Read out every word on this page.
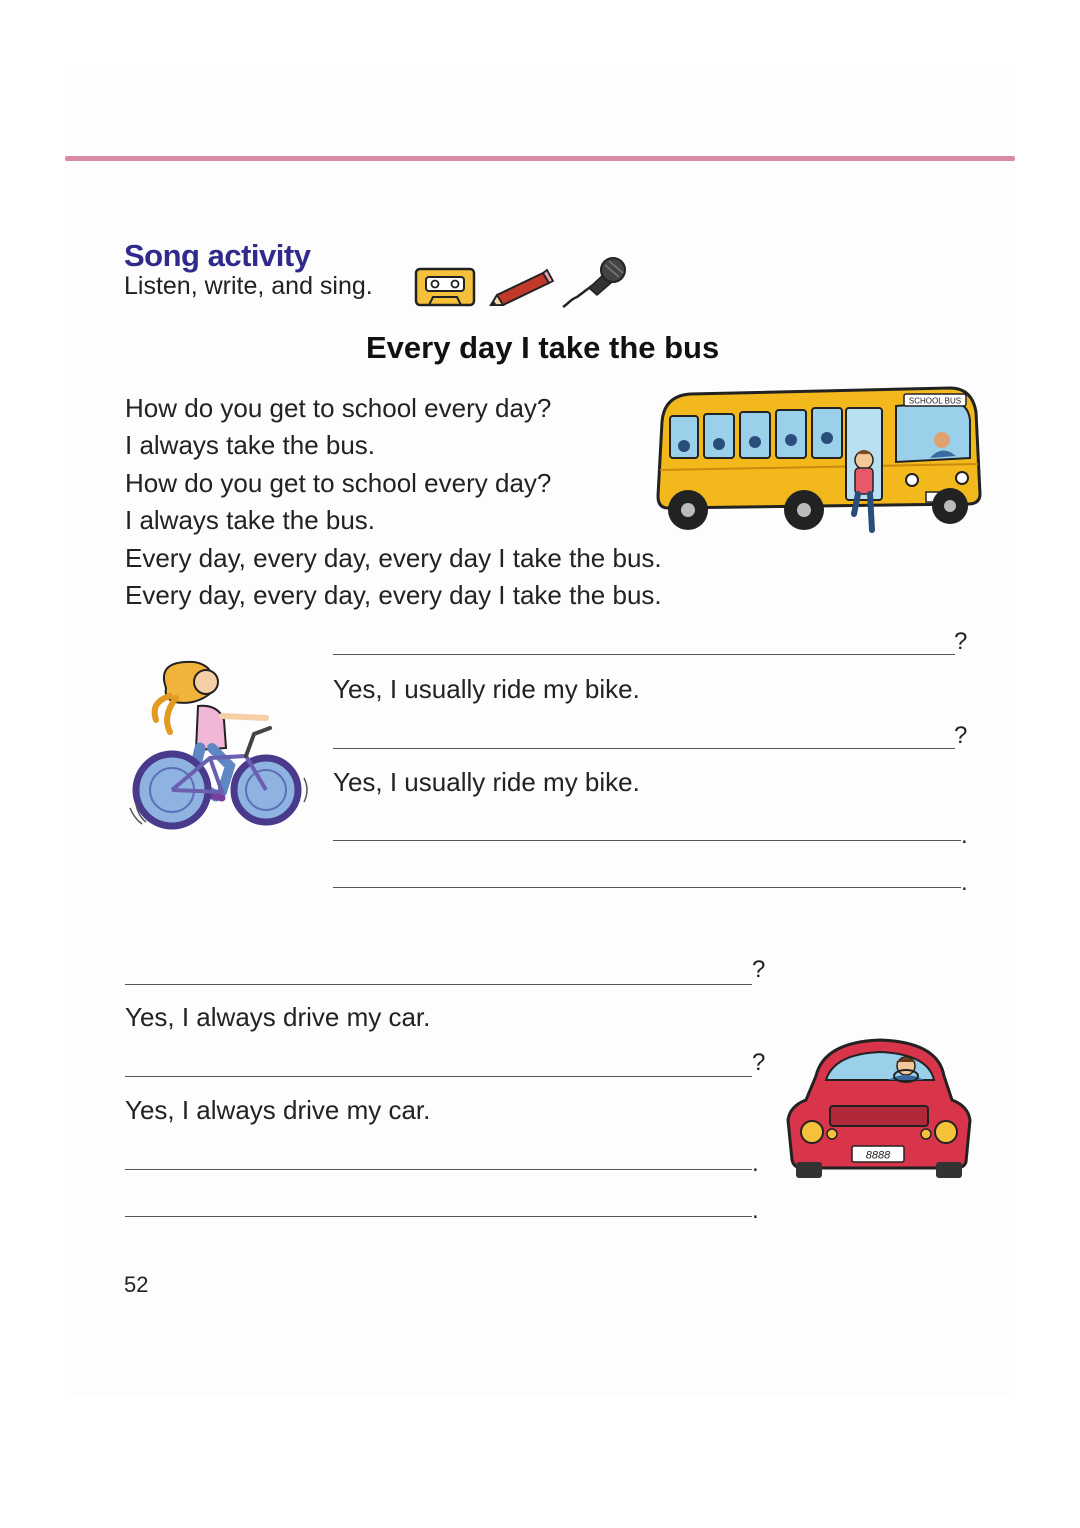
Song activity
Listen, write, and sing.
Every day I take the bus
How do you get to school every day?
I always take the bus.
How do you get to school every day?
I always take the bus.
Every day, every day, every day I take the bus.
Every day, every day, every day I take the bus.
SCHOOL BUS
8888
?
Yes, I usually ride my bike.
?
Yes, I usually ride my bike.
.
.
?
Yes, I always drive my car.
?
Yes, I always drive my car.
.
.
52
